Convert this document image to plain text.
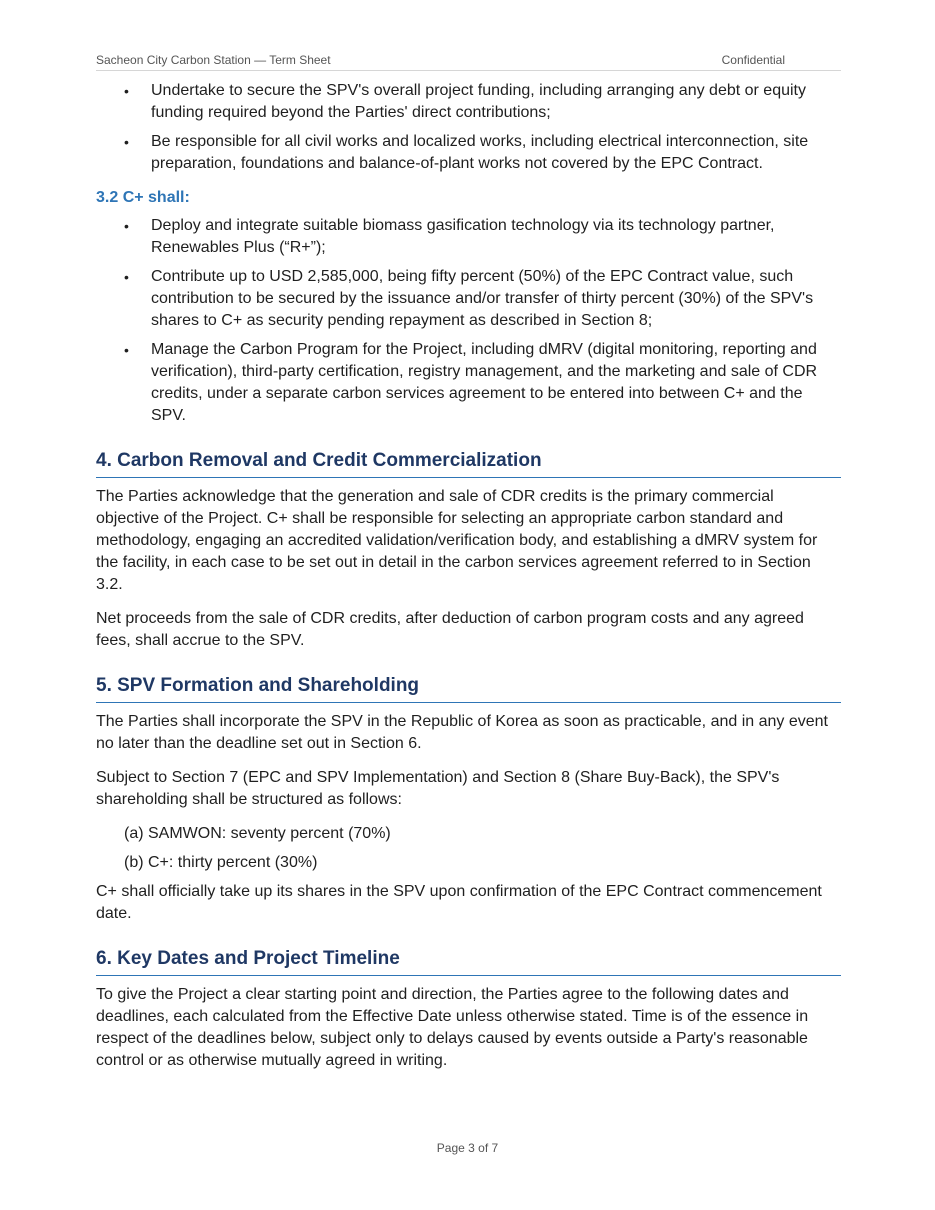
Sacheon City Carbon Station — Term Sheet	Confidential
• Undertake to secure the SPV's overall project funding, including arranging any debt or equity funding required beyond the Parties' direct contributions;
• Be responsible for all civil works and localized works, including electrical interconnection, site preparation, foundations and balance-of-plant works not covered by the EPC Contract.
3.2 C+ shall:
• Deploy and integrate suitable biomass gasification technology via its technology partner, Renewables Plus (“R+”);
• Contribute up to USD 2,585,000, being fifty percent (50%) of the EPC Contract value, such contribution to be secured by the issuance and/or transfer of thirty percent (30%) of the SPV's shares to C+ as security pending repayment as described in Section 8;
• Manage the Carbon Program for the Project, including dMRV (digital monitoring, reporting and verification), third-party certification, registry management, and the marketing and sale of CDR credits, under a separate carbon services agreement to be entered into between C+ and the SPV.
4. Carbon Removal and Credit Commercialization

The Parties acknowledge that the generation and sale of CDR credits is the primary commercial objective of the Project. C+ shall be responsible for selecting an appropriate carbon standard and methodology, engaging an accredited validation/verification body, and establishing a dMRV system for the facility, in each case to be set out in detail in the carbon services agreement referred to in Section 3.2.

Net proceeds from the sale of CDR credits, after deduction of carbon program costs and any agreed fees, shall accrue to the SPV.

5. SPV Formation and Shareholding

The Parties shall incorporate the SPV in the Republic of Korea as soon as practicable, and in any event no later than the deadline set out in Section 6.

Subject to Section 7 (EPC and SPV Implementation) and Section 8 (Share Buy-Back), the SPV's shareholding shall be structured as follows:

(a) SAMWON: seventy percent (70%)
(b) C+: thirty percent (30%)

C+ shall officially take up its shares in the SPV upon confirmation of the EPC Contract commencement date.

6. Key Dates and Project Timeline

To give the Project a clear starting point and direction, the Parties agree to the following dates and deadlines, each calculated from the Effective Date unless otherwise stated. Time is of the essence in respect of the deadlines below, subject only to delays caused by events outside a Party's reasonable control or as otherwise mutually agreed in writing.

Page 3 of 7
